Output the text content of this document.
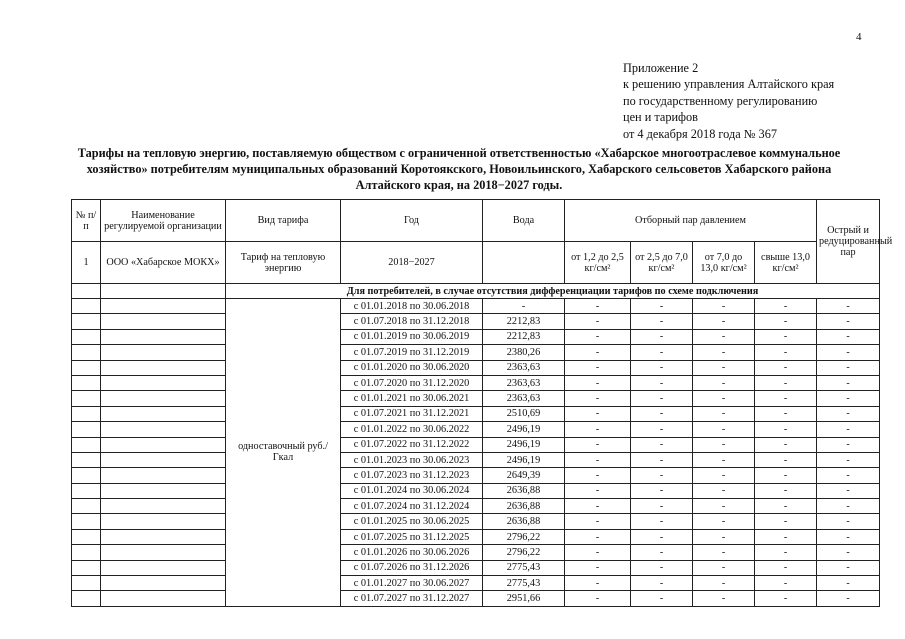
4
Приложение 2
к решению управления Алтайского края
по государственному регулированию
цен и тарифов
от 4 декабря 2018 года № 367
Тарифы на тепловую энергию, поставляемую обществом с ограниченной ответственностью «Хабарское многоотраслевое коммунальное хозяйство» потребителям муниципальных образований Коротоякского, Новоильинского, Хабарского сельсоветов Хабарского района Алтайского края, на 2018−2027 годы.
№ п/п	Наименование регулируемой организации	Вид тарифа	Год	Вода	Отборный пар давлением				Острый и редуцированный пар
1	ООО «Хабарское МОКХ»	Тариф на тепловую энергию	2018−2027		от 1,2 до 2,5 кг/см²	от 2,5 до 7,0 кг/см²	от 7,0 до 13,0 кг/см²	свыше 13,0 кг/см²	
		Для потребителей, в случае отсутствия дифференциации тарифов по схеме подключения							
		одноставочный руб./Гкал	с 01.01.2018 по 30.06.2018	-	-	-	-	-	-
			с 01.07.2018 по 31.12.2018	2212,83	-	-	-	-	-
			с 01.01.2019 по 30.06.2019	2212,83	-	-	-	-	-
			с 01.07.2019 по 31.12.2019	2380,26	-	-	-	-	-
			с 01.01.2020 по 30.06.2020	2363,63	-	-	-	-	-
			с 01.07.2020 по 31.12.2020	2363,63	-	-	-	-	-
			с 01.01.2021 по 30.06.2021	2363,63	-	-	-	-	-
			с 01.07.2021 по 31.12.2021	2510,69	-	-	-	-	-
			с 01.01.2022 по 30.06.2022	2496,19	-	-	-	-	-
			с 01.07.2022 по 31.12.2022	2496,19	-	-	-	-	-
			с 01.01.2023 по 30.06.2023	2496,19	-	-	-	-	-
			с 01.07.2023 по 31.12.2023	2649,39	-	-	-	-	-
			с 01.01.2024 по 30.06.2024	2636,88	-	-	-	-	-
			с 01.07.2024 по 31.12.2024	2636,88	-	-	-	-	-
			с 01.01.2025 по 30.06.2025	2636,88	-	-	-	-	-
			с 01.07.2025 по 31.12.2025	2796,22	-	-	-	-	-
			с 01.01.2026 по 30.06.2026	2796,22	-	-	-	-	-
			с 01.07.2026 по 31.12.2026	2775,43	-	-	-	-	-
			с 01.01.2027 по 30.06.2027	2775,43	-	-	-	-	-
			с 01.07.2027 по 31.12.2027	2951,66	-	-	-	-	-
